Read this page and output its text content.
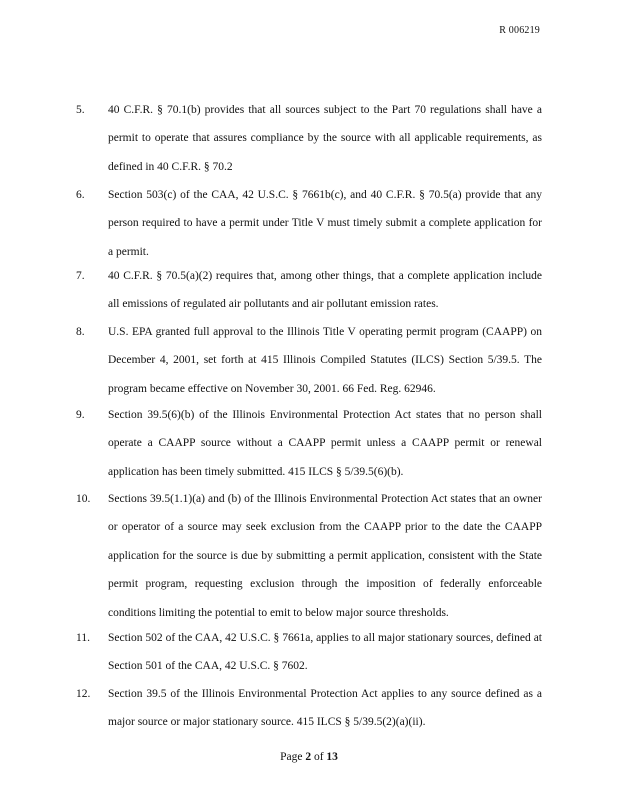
R 006219
5. 40 C.F.R. § 70.1(b) provides that all sources subject to the Part 70 regulations shall have a permit to operate that assures compliance by the source with all applicable requirements, as defined in 40 C.F.R. § 70.2
6. Section 503(c) of the CAA, 42 U.S.C. § 7661b(c), and 40 C.F.R. § 70.5(a) provide that any person required to have a permit under Title V must timely submit a complete application for a permit.
7. 40 C.F.R. § 70.5(a)(2) requires that, among other things, that a complete application include all emissions of regulated air pollutants and air pollutant emission rates.
8. U.S. EPA granted full approval to the Illinois Title V operating permit program (CAAPP) on December 4, 2001, set forth at 415 Illinois Compiled Statutes (ILCS) Section 5/39.5. The program became effective on November 30, 2001. 66 Fed. Reg. 62946.
9. Section 39.5(6)(b) of the Illinois Environmental Protection Act states that no person shall operate a CAAPP source without a CAAPP permit unless a CAAPP permit or renewal application has been timely submitted. 415 ILCS § 5/39.5(6)(b).
10. Sections 39.5(1.1)(a) and (b) of the Illinois Environmental Protection Act states that an owner or operator of a source may seek exclusion from the CAAPP prior to the date the CAAPP application for the source is due by submitting a permit application, consistent with the State permit program, requesting exclusion through the imposition of federally enforceable conditions limiting the potential to emit to below major source thresholds.
11. Section 502 of the CAA, 42 U.S.C. § 7661a, applies to all major stationary sources, defined at Section 501 of the CAA, 42 U.S.C. § 7602.
12. Section 39.5 of the Illinois Environmental Protection Act applies to any source defined as a major source or major stationary source. 415 ILCS § 5/39.5(2)(a)(ii).
Page 2 of 13
